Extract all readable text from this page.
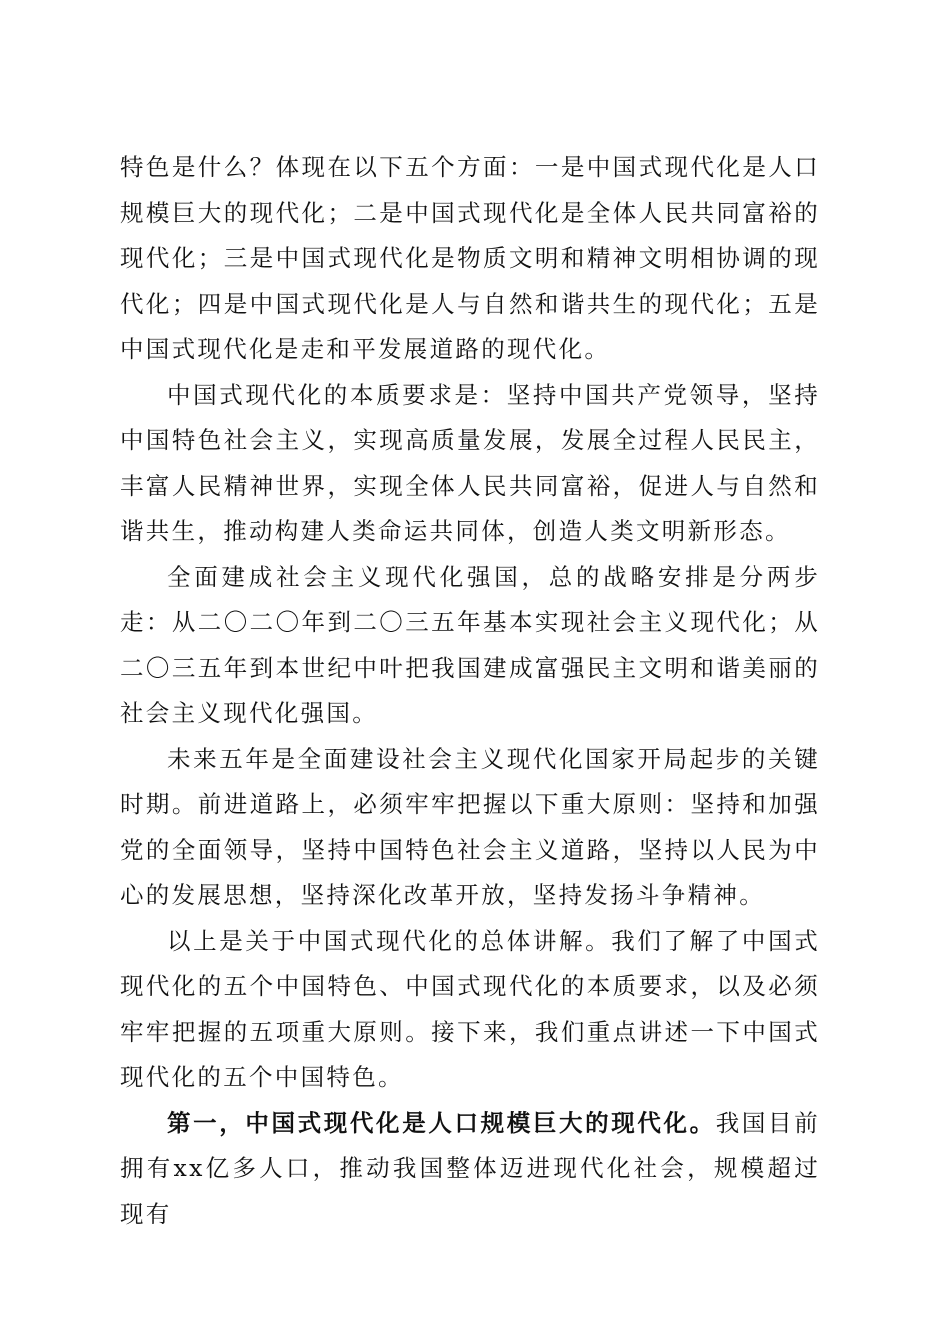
特色是什么？体现在以下五个方面：一是中国式现代化是人口规模巨大的现代化；二是中国式现代化是全体人民共同富裕的现代化；三是中国式现代化是物质文明和精神文明相协调的现代化；四是中国式现代化是人与自然和谐共生的现代化；五是中国式现代化是走和平发展道路的现代化。

中国式现代化的本质要求是：坚持中国共产党领导，坚持中国特色社会主义，实现高质量发展，发展全过程人民民主，丰富人民精神世界，实现全体人民共同富裕，促进人与自然和谐共生，推动构建人类命运共同体，创造人类文明新形态。

全面建成社会主义现代化强国，总的战略安排是分两步走：从二〇二〇年到二〇三五年基本实现社会主义现代化；从二〇三五年到本世纪中叶把我国建成富强民主文明和谐美丽的社会主义现代化强国。

未来五年是全面建设社会主义现代化国家开局起步的关键时期。前进道路上，必须牢牢把握以下重大原则：坚持和加强党的全面领导，坚持中国特色社会主义道路，坚持以人民为中心的发展思想，坚持深化改革开放，坚持发扬斗争精神。

以上是关于中国式现代化的总体讲解。我们了解了中国式现代化的五个中国特色、中国式现代化的本质要求，以及必须牢牢把握的五项重大原则。接下来，我们重点讲述一下中国式现代化的五个中国特色。

第一，中国式现代化是人口规模巨大的现代化。我国目前拥有xx亿多人口，推动我国整体迈进现代化社会，规模超过现有
